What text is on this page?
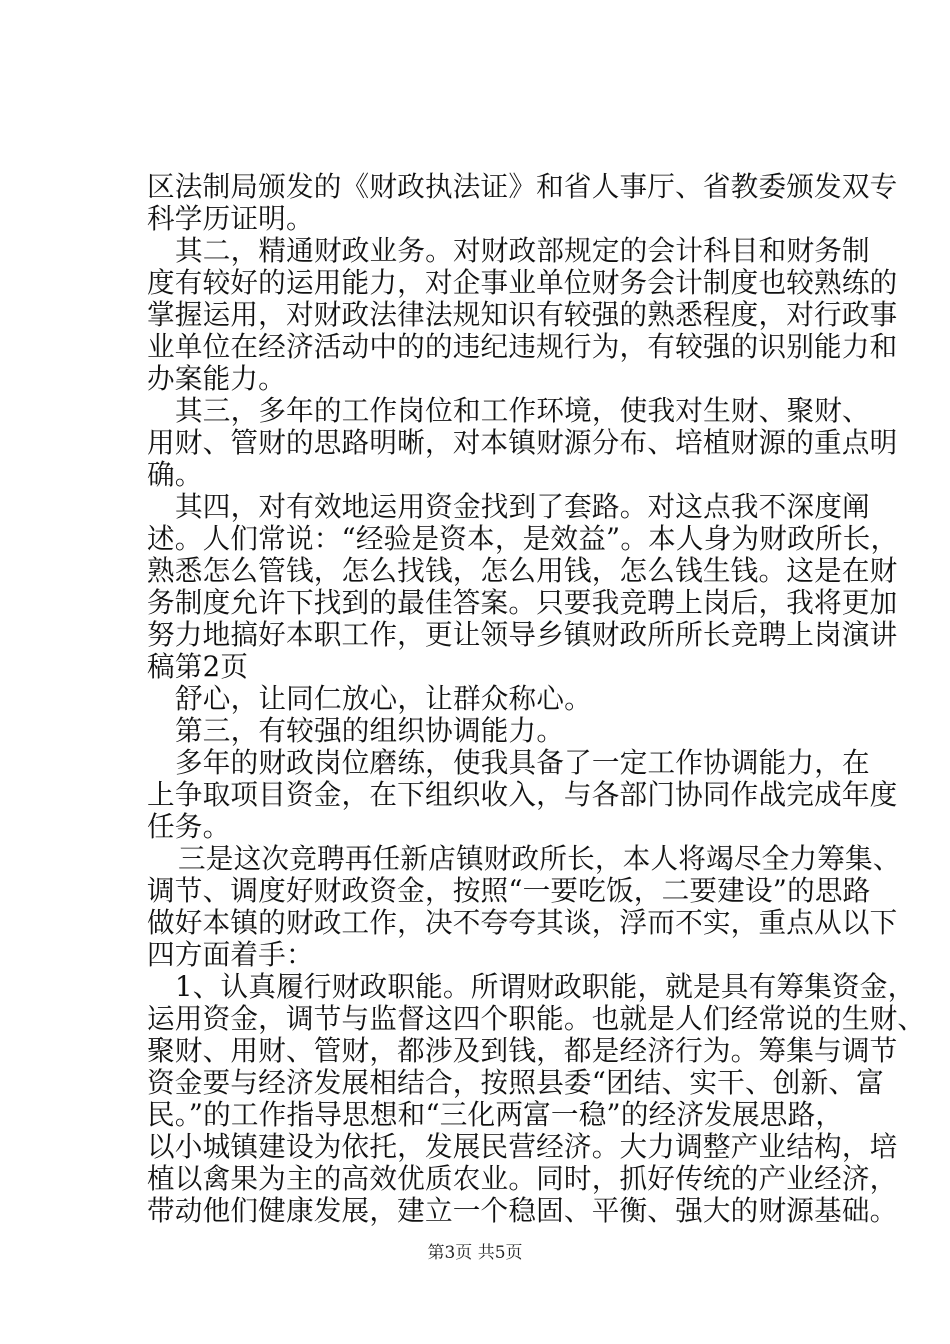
区法制局颁发的《财政执法证》和省人事厅、省教委颁发双专
科学历证明。
其二，精通财政业务。对财政部规定的会计科目和财务制
度有较好的运用能力，对企事业单位财务会计制度也较熟练的
掌握运用，对财政法律法规知识有较强的熟悉程度，对行政事
业单位在经济活动中的的违纪违规行为，有较强的识别能力和
办案能力。
其三，多年的工作岗位和工作环境，使我对生财、聚财、
用财、管财的思路明晰，对本镇财源分布、培植财源的重点明
确。
其四，对有效地运用资金找到了套路。对这点我不深度阐
述。人们常说：“经验是资本，是效益”。本人身为财政所长，
熟悉怎么管钱，怎么找钱，怎么用钱，怎么钱生钱。这是在财
务制度允许下找到的最佳答案。只要我竞聘上岗后，我将更加
努力地搞好本职工作，更让领导乡镇财政所所长竞聘上岗演讲
稿第2页
舒心，让同仁放心，让群众称心。
第三，有较强的组织协调能力。
多年的财政岗位磨练，使我具备了一定工作协调能力，在
上争取项目资金，在下组织收入，与各部门协同作战完成年度
任务。
三是这次竞聘再任新店镇财政所长，本人将竭尽全力筹集、
调节、调度好财政资金，按照“一要吃饭，二要建设”的思路
做好本镇的财政工作，决不夸夸其谈，浮而不实，重点从以下
四方面着手：
1、认真履行财政职能。所谓财政职能，就是具有筹集资金，
运用资金，调节与监督这四个职能。也就是人们经常说的生财、
聚财、用财、管财，都涉及到钱，都是经济行为。筹集与调节
资金要与经济发展相结合，按照县委“团结、实干、创新、富
民。”的工作指导思想和“三化两富一稳”的经济发展思路，
以小城镇建设为依托，发展民营经济。大力调整产业结构，培
植以禽果为主的高效优质农业。同时，抓好传统的产业经济，
带动他们健康发展，建立一个稳固、平衡、强大的财源基础。
第3页 共5页
